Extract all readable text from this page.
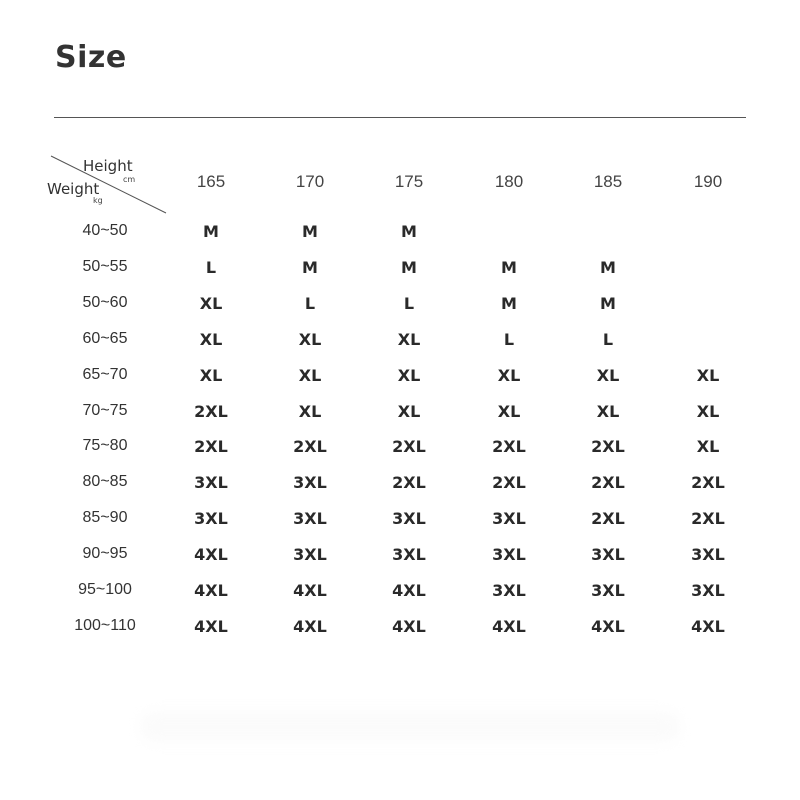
Size
Height
cm
Weight
kg
165	170	175	180	185	190
40~50	M	M	M
50~55	L	M	M	M	M
50~60	XL	L	L	M	M
60~65	XL	XL	XL	L	L
65~70	XL	XL	XL	XL	XL	XL
70~75	2XL	XL	XL	XL	XL	XL
75~80	2XL	2XL	2XL	2XL	2XL	XL
80~85	3XL	3XL	2XL	2XL	2XL	2XL
85~90	3XL	3XL	3XL	3XL	2XL	2XL
90~95	4XL	3XL	3XL	3XL	3XL	3XL
95~100	4XL	4XL	4XL	3XL	3XL	3XL
100~110	4XL	4XL	4XL	4XL	4XL	4XL
